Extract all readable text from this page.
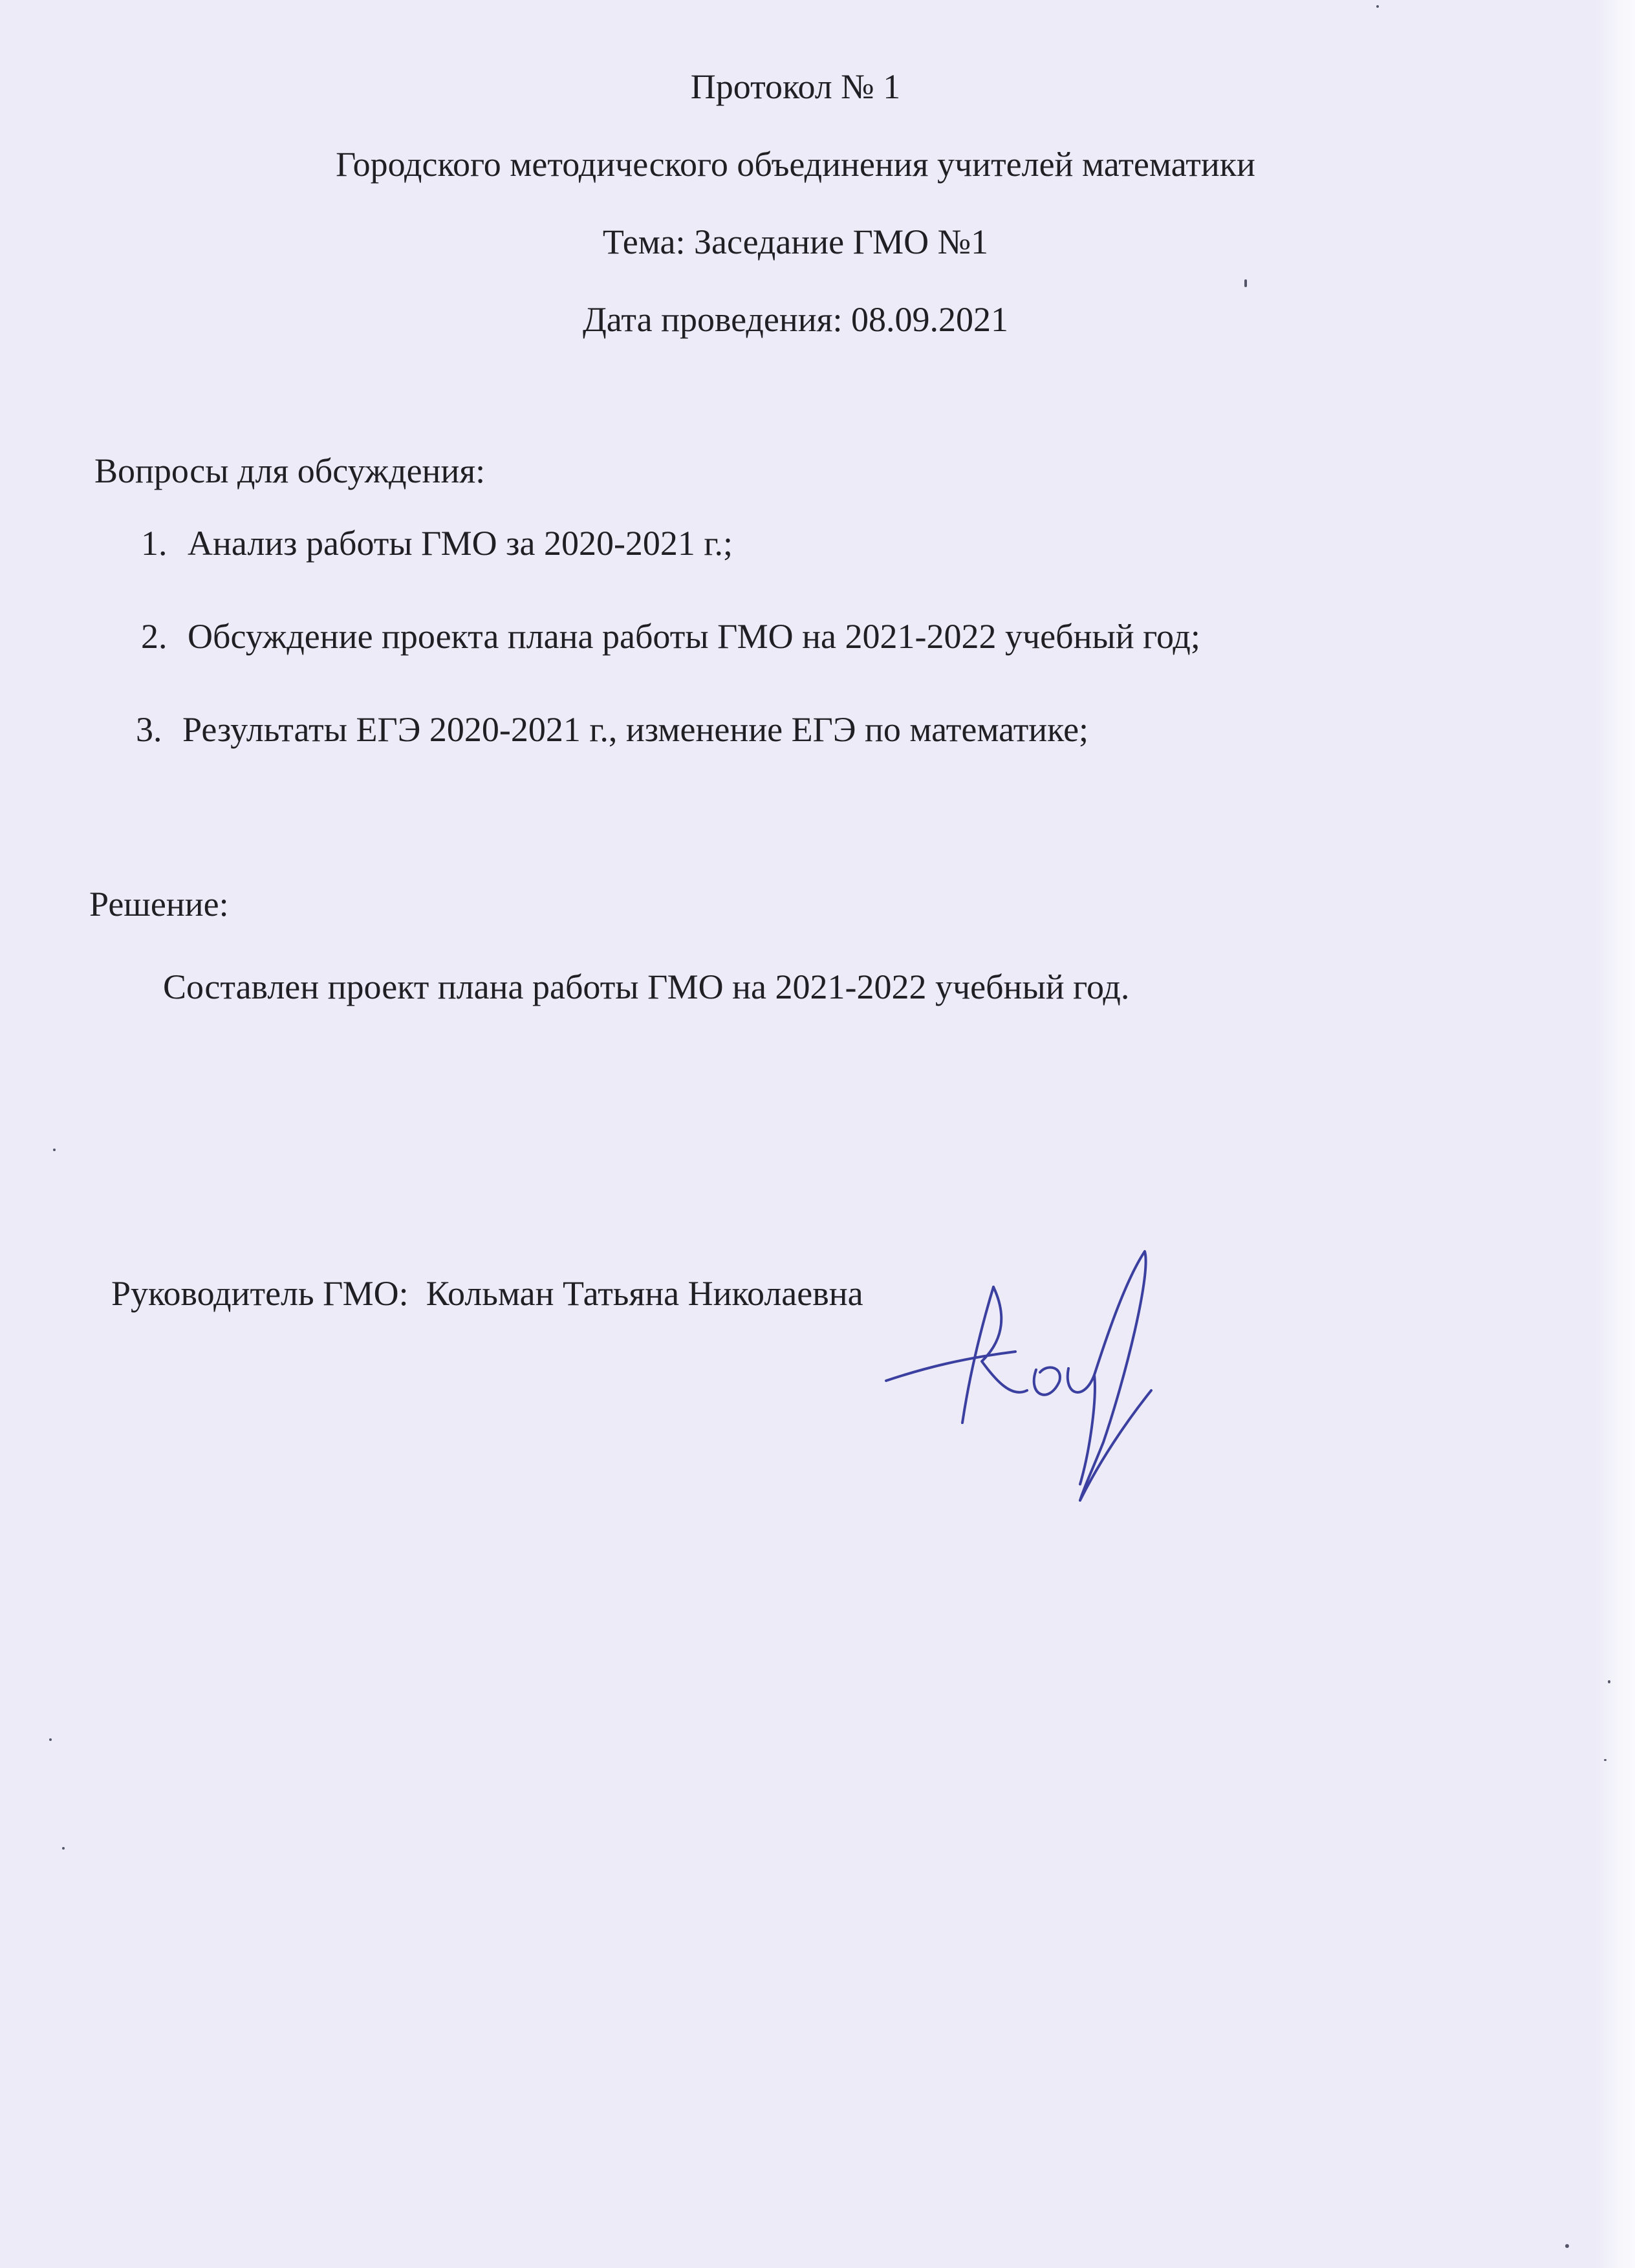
Протокол № 1
Городского методического объединения учителей математики
Тема: Заседание ГМО №1
Дата проведения: 08.09.2021
Вопросы для обсуждения:
1. Анализ работы ГМО за 2020-2021 г.;
2. Обсуждение проекта плана работы ГМО на 2021-2022 учебный год;
3. Результаты ЕГЭ 2020-2021 г., изменение ЕГЭ по математике;
Решение:
Составлен проект плана работы ГМО на 2021-2022 учебный год.
Руководитель ГМО: Кольман Татьяна Николаевна
